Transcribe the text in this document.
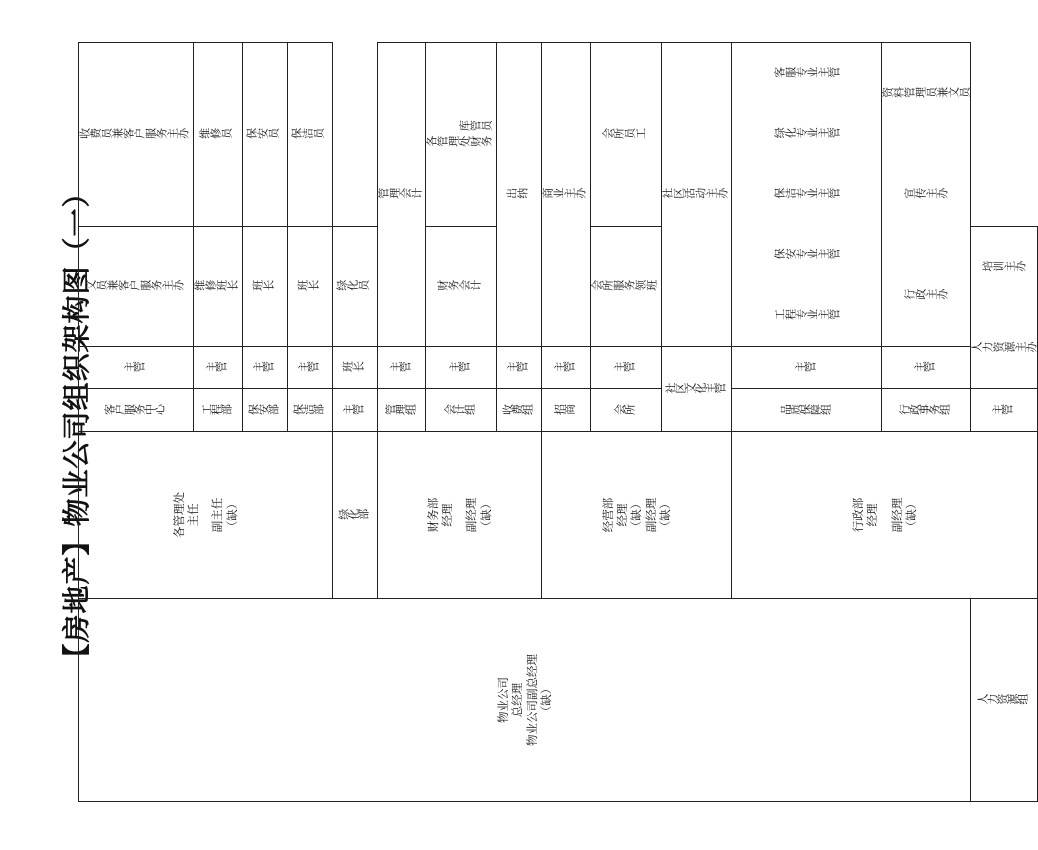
【房地产】物业公司组织架构图（一）
物业公司 总经理 物业公司副总经理 （缺）	各管理处 主任 副主任 （缺）	客户服务中心	主管	文员兼客户服务主办	收费员兼客户服务主办

		工程部	主管	维修班长	维修员
		保安部	主管	班长	保安员
		保洁部	主管	班长	保洁员
	绿化部	主管	班长	绿化员	

	财务部 经理 副经理 （缺）	管理组	主管	管理会计	
		会计组	主管	财务会计	各管理处财务 库管员
		收费组	主管	出纳	

	经营部 经理 （缺） 副经理 （缺）	招商	主管	商业主办	
		会所	主管	会所服务领班	会所员工
		社区文化主管		社区活动主办	

	行政部 经理 副经理 （缺）	品质保障组	主管	工程专业主管
保安专业主管
保洁专业主管
绿化专业主管
客服专业主管	

		行政事务组	主管	行政主办
宣传主办
资料管理员兼文员	

人力资源组		主管	人力资源主办
培训主办		
